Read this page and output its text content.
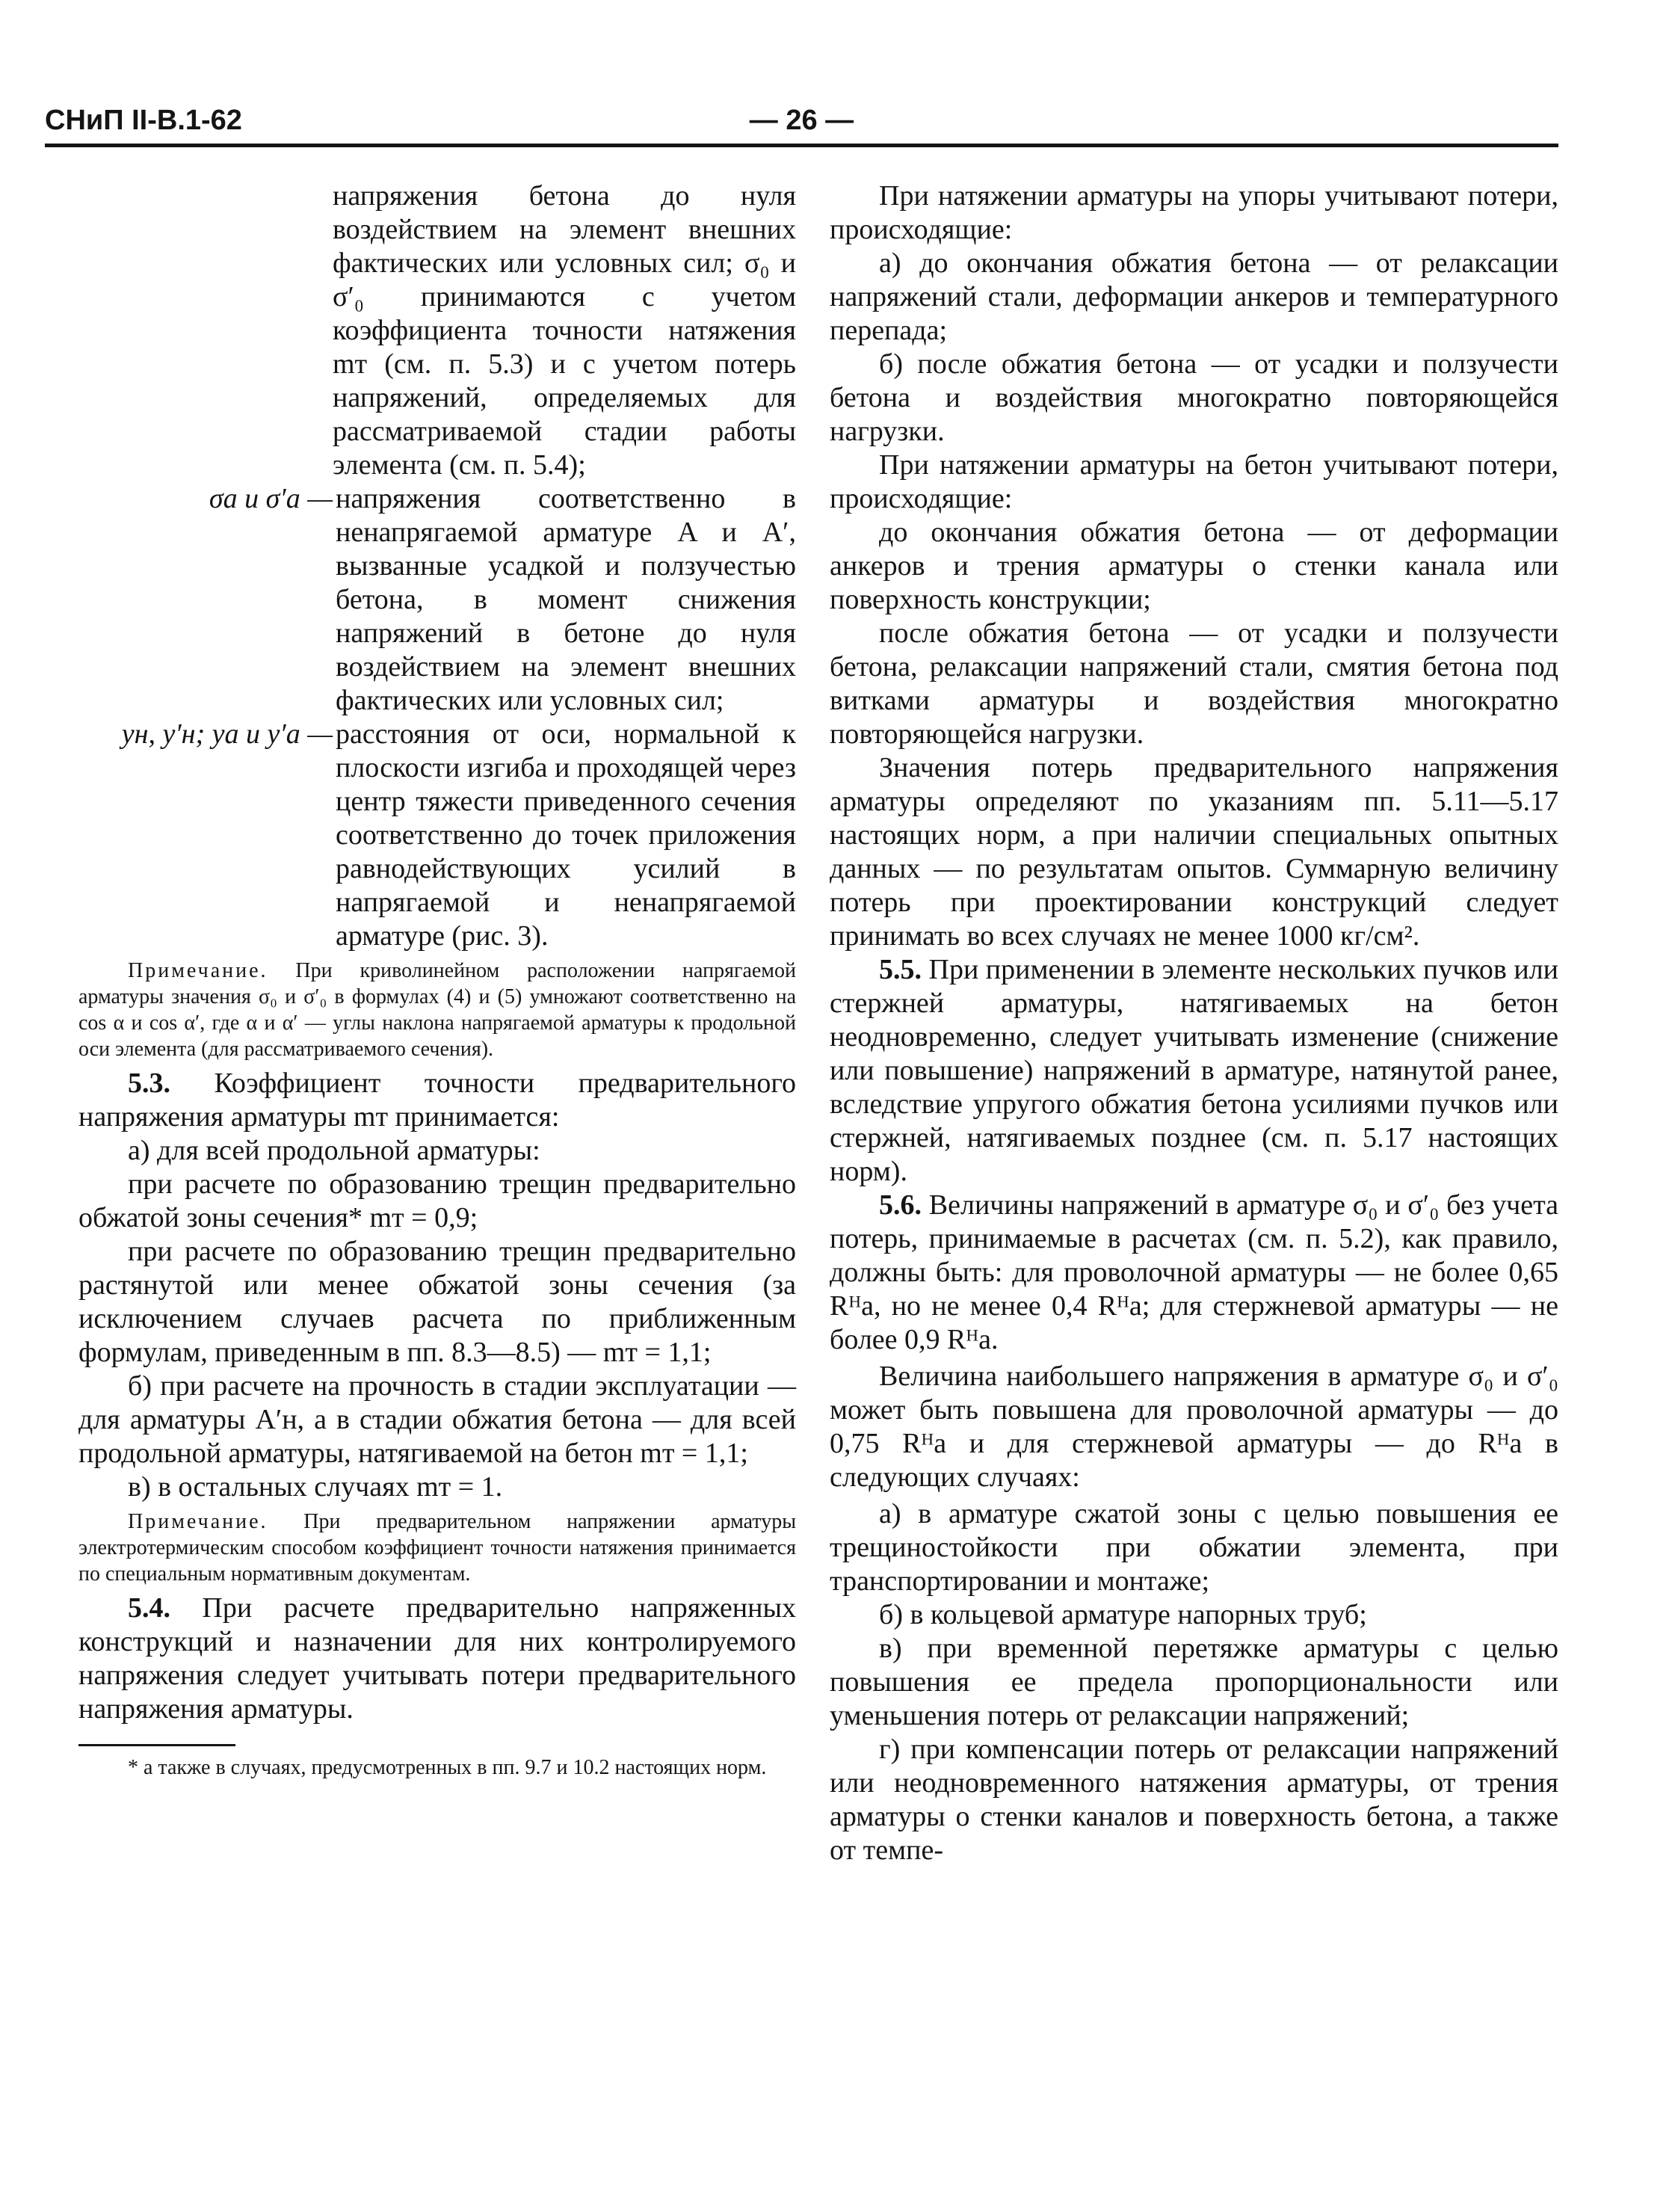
СНиП II-В.1-62	— 26 —

напряжения бетона до нуля воздействием на элемент внешних фактических или условных сил; σ₀ и σ′₀ принимаются с учетом коэффициента точности натяжения mт (см. п. 5.3) и с учетом потерь напряжений, определяемых для рассматриваемой стадии работы элемента (см. п. 5.4);

σа и σ′а — напряжения соответственно в ненапрягаемой арматуре A и A′, вызванные усадкой и ползучестью бетона, в момент снижения напряжений в бетоне до нуля воздействием на элемент внешних фактических или условных сил;

yн, y′н; yа и y′а — расстояния от оси, нормальной к плоскости изгиба и проходящей через центр тяжести приведенного сечения соответственно до точек приложения равнодействующих усилий в напрягаемой и ненапрягаемой арматуре (рис. 3).

Примечание. При криволинейном расположении напрягаемой арматуры значения σ₀ и σ′₀ в формулах (4) и (5) умножают соответственно на cos α и cos α′, где α и α′ — углы наклона напрягаемой арматуры к продольной оси элемента (для рассматриваемого сечения).

5.3. Коэффициент точности предварительного напряжения арматуры mт принимается:

а) для всей продольной арматуры:

при расчете по образованию трещин предварительно обжатой зоны сечения* mт = 0,9;

при расчете по образованию трещин предварительно растянутой или менее обжатой зоны сечения (за исключением случаев расчета по приближенным формулам, приведенным в пп. 8.3—8.5) — mт = 1,1;

б) при расчете на прочность в стадии эксплуатации — для арматуры A′н, а в стадии обжатия бетона — для всей продольной арматуры, натягиваемой на бетон mт = 1,1;

в) в остальных случаях mт = 1.

Примечание. При предварительном напряжении арматуры электротермическим способом коэффициент точности натяжения принимается по специальным нормативным документам.

5.4. При расчете предварительно напряженных конструкций и назначении для них контролируемого напряжения следует учитывать потери предварительного напряжения арматуры.

* а также в случаях, предусмотренных в пп. 9.7 и 10.2 настоящих норм.

При натяжении арматуры на упоры учитывают потери, происходящие:

а) до окончания обжатия бетона — от релаксации напряжений стали, деформации анкеров и температурного перепада;

б) после обжатия бетона — от усадки и ползучести бетона и воздействия многократно повторяющейся нагрузки.

При натяжении арматуры на бетон учитывают потери, происходящие:

до окончания обжатия бетона — от деформации анкеров и трения арматуры о стенки канала или поверхность конструкции;

после обжатия бетона — от усадки и ползучести бетона, релаксации напряжений стали, смятия бетона под витками арматуры и воздействия многократно повторяющейся нагрузки.

Значения потерь предварительного напряжения арматуры определяют по указаниям пп. 5.11—5.17 настоящих норм, а при наличии специальных опытных данных — по результатам опытов. Суммарную величину потерь при проектировании конструкций следует принимать во всех случаях не менее 1000 кг/см².

5.5. При применении в элементе нескольких пучков или стержней арматуры, натягиваемых на бетон неодновременно, следует учитывать изменение (снижение или повышение) напряжений в арматуре, натянутой ранее, вследствие упругого обжатия бетона усилиями пучков или стержней, натягиваемых позднее (см. п. 5.17 настоящих норм).

5.6. Величины напряжений в арматуре σ₀ и σ′₀ без учета потерь, принимаемые в расчетах (см. п. 5.2), как правило, должны быть: для проволочной арматуры — не более 0,65 Rᴴа, но не менее 0,4 Rᴴа; для стержневой арматуры — не более 0,9 Rᴴа.

Величина наибольшего напряжения в арматуре σ₀ и σ′₀ может быть повышена для проволочной арматуры — до 0,75 Rᴴа и для стержневой арматуры — до Rᴴа в следующих случаях:

а) в арматуре сжатой зоны с целью повышения ее трещиностойкости при обжатии элемента, при транспортировании и монтаже;

б) в кольцевой арматуре напорных труб;

в) при временной перетяжке арматуры с целью повышения ее предела пропорциональности или уменьшения потерь от релаксации напряжений;

г) при компенсации потерь от релаксации напряжений или неодновременного натяжения арматуры, от трения арматуры о стенки каналов и поверхность бетона, а также от темпе-
